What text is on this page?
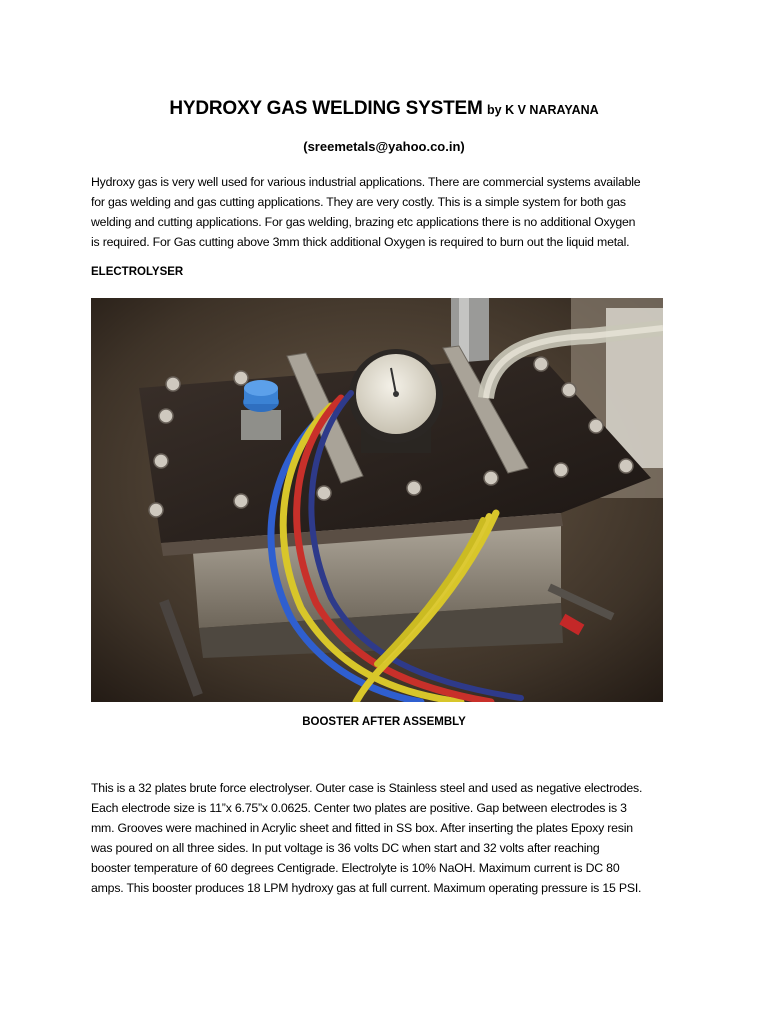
HYDROXY GAS WELDING SYSTEM by K V NARAYANA
(sreemetals@yahoo.co.in)
Hydroxy gas is very well used for various industrial applications. There are commercial systems available
for gas welding and gas cutting applications. They are very costly. This is a simple system for both gas
welding and cutting applications. For gas welding, brazing etc applications there is no additional Oxygen
is required. For Gas cutting above 3mm thick additional Oxygen is required to burn out the liquid metal.
ELECTROLYSER
BOOSTER AFTER ASSEMBLY
This is a 32 plates brute force electrolyser. Outer case is Stainless steel and used as negative electrodes.
Each electrode size is 11”x 6.75”x 0.0625. Center two plates are positive. Gap between electrodes is 3
mm. Grooves were machined in Acrylic sheet and fitted in SS box. After inserting the plates Epoxy resin
was poured on all three sides. In put voltage is 36 volts DC when start and 32 volts after reaching
booster temperature of 60 degrees Centigrade. Electrolyte is 10% NaOH. Maximum current is DC 80
amps. This booster produces 18 LPM hydroxy gas at full current. Maximum operating pressure is 15 PSI.
